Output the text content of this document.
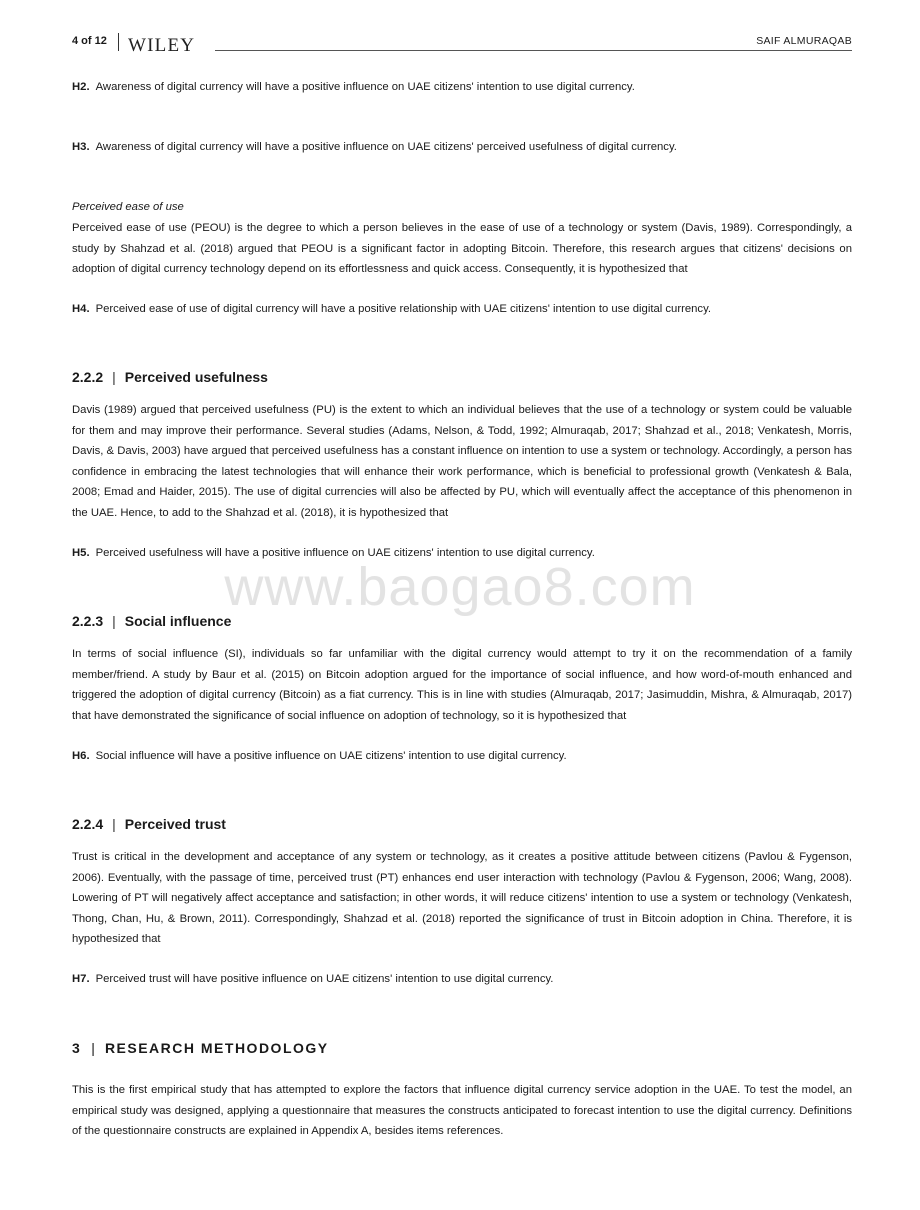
4 of 12 WILEY	SAIF ALMURAQAB
H2. Awareness of digital currency will have a positive influence on UAE citizens' intention to use digital currency.
H3. Awareness of digital currency will have a positive influence on UAE citizens' perceived usefulness of digital currency.
Perceived ease of use
Perceived ease of use (PEOU) is the degree to which a person believes in the ease of use of a technology or system (Davis, 1989). Correspondingly, a study by Shahzad et al. (2018) argued that PEOU is a significant factor in adopting Bitcoin. Therefore, this research argues that citizens' decisions on adoption of digital currency technology depend on its effortlessness and quick access. Consequently, it is hypothesized that
H4. Perceived ease of use of digital currency will have a positive relationship with UAE citizens' intention to use digital currency.
2.2.2 | Perceived usefulness
Davis (1989) argued that perceived usefulness (PU) is the extent to which an individual believes that the use of a technology or system could be valuable for them and may improve their performance. Several studies (Adams, Nelson, & Todd, 1992; Almuraqab, 2017; Shahzad et al., 2018; Venkatesh, Morris, Davis, & Davis, 2003) have argued that perceived usefulness has a constant influence on intention to use a system or technology. Accordingly, a person has confidence in embracing the latest technologies that will enhance their work performance, which is beneficial to professional growth (Venkatesh & Bala, 2008; Emad and Haider, 2015). The use of digital currencies will also be affected by PU, which will eventually affect the acceptance of this phenomenon in the UAE. Hence, to add to the Shahzad et al. (2018), it is hypothesized that
H5. Perceived usefulness will have a positive influence on UAE citizens' intention to use digital currency.
www.baogao8.com
2.2.3 | Social influence
In terms of social influence (SI), individuals so far unfamiliar with the digital currency would attempt to try it on the recommendation of a family member/friend. A study by Baur et al. (2015) on Bitcoin adoption argued for the importance of social influence, and how word-of-mouth enhanced and triggered the adoption of digital currency (Bitcoin) as a fiat currency. This is in line with studies (Almuraqab, 2017; Jasimuddin, Mishra, & Almuraqab, 2017) that have demonstrated the significance of social influence on adoption of technology, so it is hypothesized that
H6. Social influence will have a positive influence on UAE citizens' intention to use digital currency.
2.2.4 | Perceived trust
Trust is critical in the development and acceptance of any system or technology, as it creates a positive attitude between citizens (Pavlou & Fygenson, 2006). Eventually, with the passage of time, perceived trust (PT) enhances end user interaction with technology (Pavlou & Fygenson, 2006; Wang, 2008). Lowering of PT will negatively affect acceptance and satisfaction; in other words, it will reduce citizens' intention to use a system or technology (Venkatesh, Thong, Chan, Hu, & Brown, 2011). Correspondingly, Shahzad et al. (2018) reported the significance of trust in Bitcoin adoption in China. Therefore, it is hypothesized that
H7. Perceived trust will have positive influence on UAE citizens' intention to use digital currency.
3 | RESEARCH METHODOLOGY
This is the first empirical study that has attempted to explore the factors that influence digital currency service adoption in the UAE. To test the model, an empirical study was designed, applying a questionnaire that measures the constructs anticipated to forecast intention to use the digital currency. Definitions of the questionnaire constructs are explained in Appendix A, besides items references.
